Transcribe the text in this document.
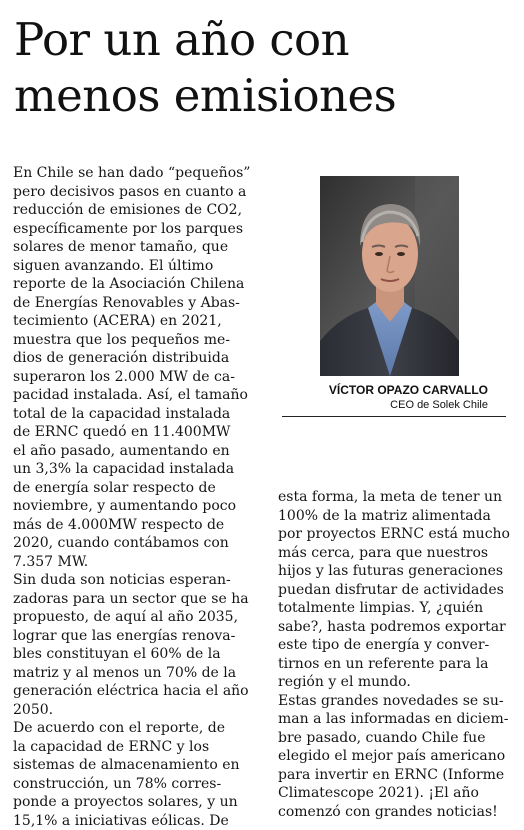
Por un año con
menos emisiones
En Chile se han dado “pequeños”
pero decisivos pasos en cuanto a
reducción de emisiones de CO2,
específicamente por los parques
solares de menor tamaño, que
siguen avanzando. El último
reporte de la Asociación Chilena
de Energías Renovables y Abas-
tecimiento (ACERA) en 2021,
muestra que los pequeños me-
dios de generación distribuida
superaron los 2.000 MW de ca-
pacidad instalada. Así, el tamaño
total de la capacidad instalada
de ERNC quedó en 11.400MW
el año pasado, aumentando en
un 3,3% la capacidad instalada
de energía solar respecto de
noviembre, y aumentando poco
más de 4.000MW respecto de
2020, cuando contábamos con
7.357 MW.
Sin duda son noticias esperan-
zadoras para un sector que se ha
propuesto, de aquí al año 2035,
lograr que las energías renova-
bles constituyan el 60% de la
matriz y al menos un 70% de la
generación eléctrica hacia el año
2050.
De acuerdo con el reporte, de
la capacidad de ERNC y los
sistemas de almacenamiento en
construcción, un 78% corres-
ponde a proyectos solares, y un
15,1% a iniciativas eólicas. De
VÍCTOR OPAZO CARVALLO
CEO de Solek Chile
esta forma, la meta de tener un
100% de la matriz alimentada
por proyectos ERNC está mucho
más cerca, para que nuestros
hijos y las futuras generaciones
puedan disfrutar de actividades
totalmente limpias. Y, ¿quién
sabe?, hasta podremos exportar
este tipo de energía y conver-
tirnos en un referente para la
región y el mundo.
Estas grandes novedades se su-
man a las informadas en diciem-
bre pasado, cuando Chile fue
elegido el mejor país americano
para invertir en ERNC (Informe
Climatescope 2021). ¡El año
comenzó con grandes noticias!
